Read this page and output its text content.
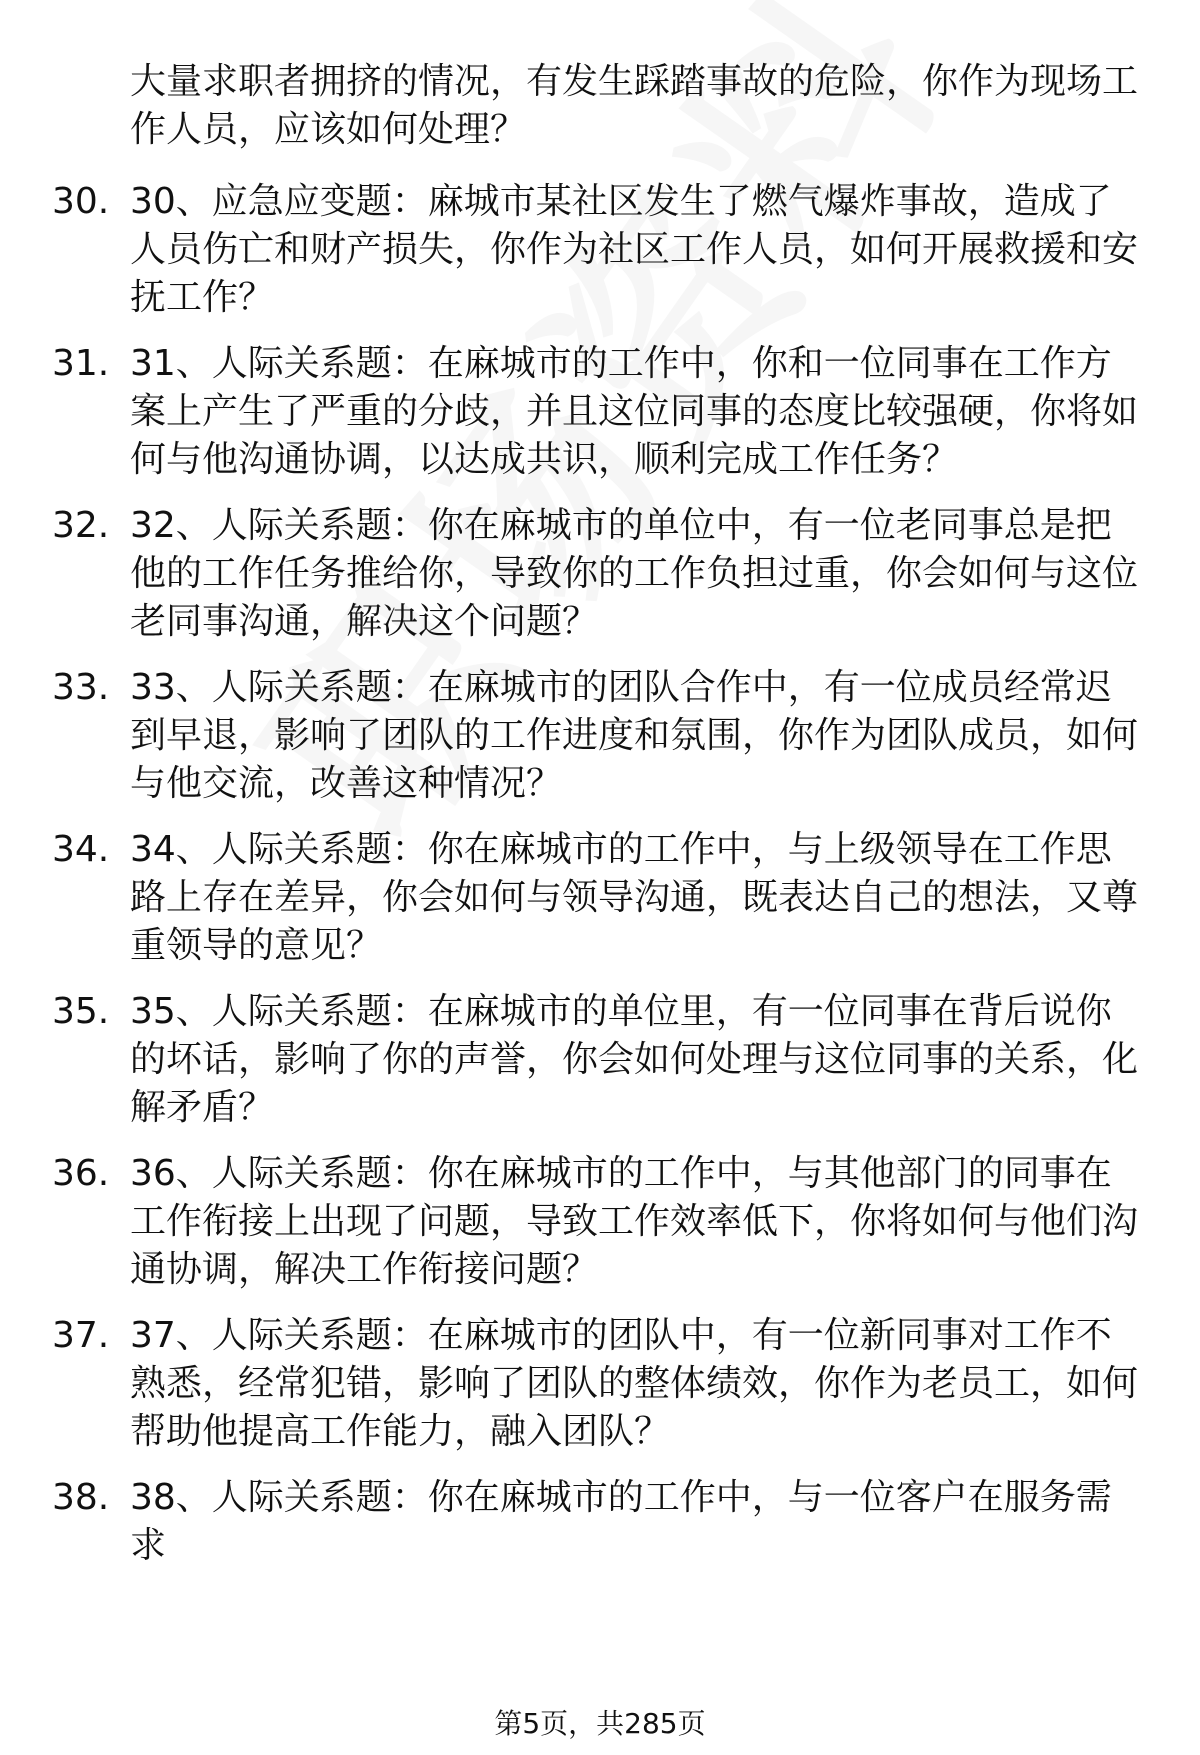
大量求职者拥挤的情况，有发生踩踏事故的危险，你作为现场工作人员，应该如何处理？
30. 30、应急应变题：麻城市某社区发生了燃气爆炸事故，造成了人员伤亡和财产损失，你作为社区工作人员，如何开展救援和安抚工作？
31. 31、人际关系题：在麻城市的工作中，你和一位同事在工作方案上产生了严重的分歧，并且这位同事的态度比较强硬，你将如何与他沟通协调，以达成共识，顺利完成工作任务？
32. 32、人际关系题：你在麻城市的单位中，有一位老同事总是把他的工作任务推给你，导致你的工作负担过重，你会如何与这位老同事沟通，解决这个问题？
33. 33、人际关系题：在麻城市的团队合作中，有一位成员经常迟到早退，影响了团队的工作进度和氛围，你作为团队成员，如何与他交流，改善这种情况？
34. 34、人际关系题：你在麻城市的工作中，与上级领导在工作思路上存在差异，你会如何与领导沟通，既表达自己的想法，又尊重领导的意见？
35. 35、人际关系题：在麻城市的单位里，有一位同事在背后说你的坏话，影响了你的声誉，你会如何处理与这位同事的关系，化解矛盾？
36. 36、人际关系题：你在麻城市的工作中，与其他部门的同事在工作衔接上出现了问题，导致工作效率低下，你将如何与他们沟通协调，解决工作衔接问题？
37. 37、人际关系题：在麻城市的团队中，有一位新同事对工作不熟悉，经常犯错，影响了团队的整体绩效，你作为老员工，如何帮助他提高工作能力，融入团队？
38. 38、人际关系题：你在麻城市的工作中，与一位客户在服务需求
第5页，共285页
